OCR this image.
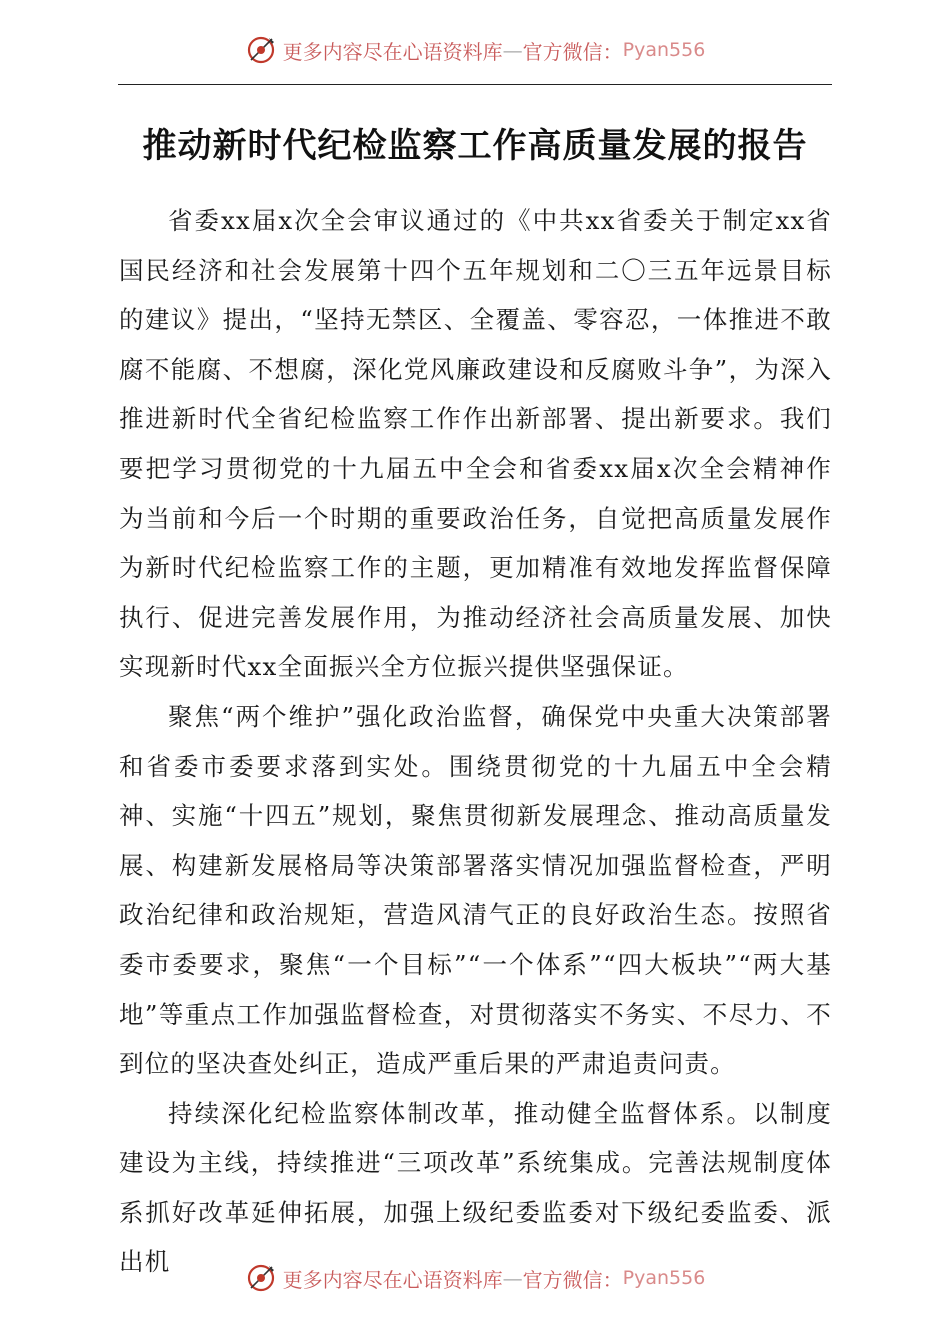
更多内容尽在心语资料库 — 官方微信： Pyan556
推动新时代纪检监察工作高质量发展的报告

省委xx届x次全会审议通过的《中共xx省委关于制定xx省国民经济和社会发展第十四个五年规划和二〇三五年远景目标的建议》提出，“坚持无禁区、全覆盖、零容忍，一体推进不敢腐不能腐、不想腐，深化党风廉政建设和反腐败斗争”，为深入推进新时代全省纪检监察工作作出新部署、提出新要求。我们要把学习贯彻党的十九届五中全会和省委xx届x次全会精神作为当前和今后一个时期的重要政治任务，自觉把高质量发展作为新时代纪检监察工作的主题，更加精准有效地发挥监督保障执行、促进完善发展作用，为推动经济社会高质量发展、加快实现新时代xx全面振兴全方位振兴提供坚强保证。

聚焦“两个维护”强化政治监督，确保党中央重大决策部署和省委市委要求落到实处。围绕贯彻党的十九届五中全会精神、实施“十四五”规划，聚焦贯彻新发展理念、推动高质量发展、构建新发展格局等决策部署落实情况加强监督检查，严明政治纪律和政治规矩，营造风清气正的良好政治生态。按照省委市委要求，聚焦“一个目标”“一个体系”“四大板块”“两大基地”等重点工作加强监督检查，对贯彻落实不务实、不尽力、不到位的坚决查处纠正，造成严重后果的严肃追责问责。

持续深化纪检监察体制改革，推动健全监督体系。以制度建设为主线，持续推进“三项改革”系统集成。完善法规制度体系抓好改革延伸拓展，加强上级纪委监委对下级纪委监委、派出机

更多内容尽在心语资料库 — 官方微信： Pyan556
